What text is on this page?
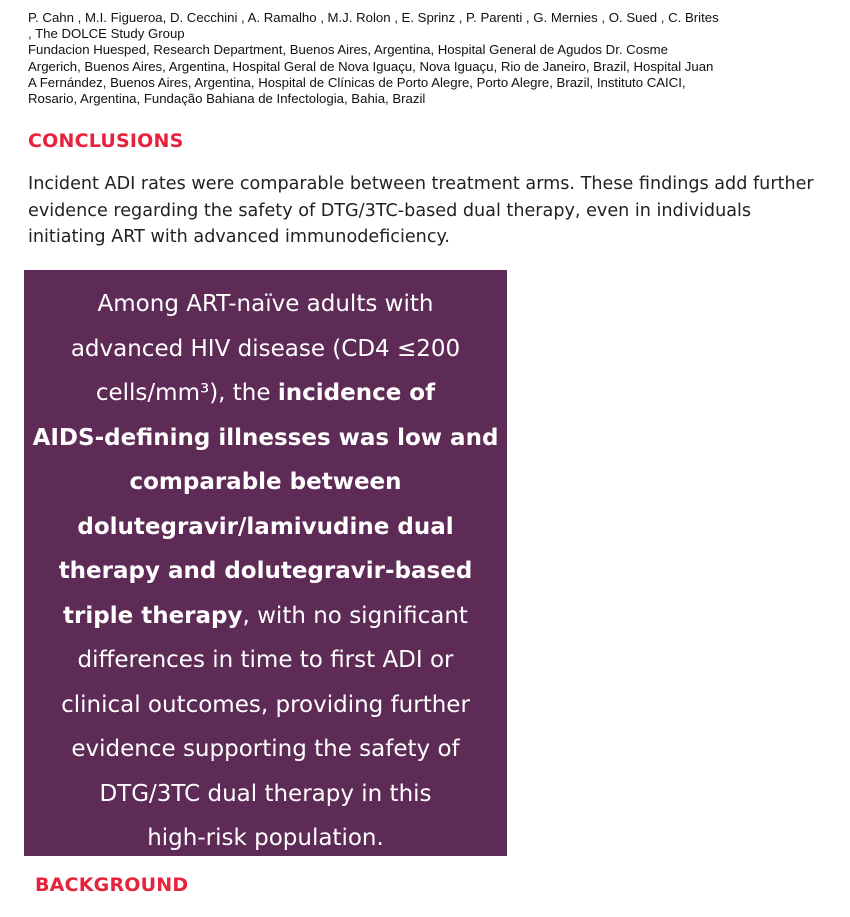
P. Cahn , M.I. Figueroa, D. Cecchini , A. Ramalho , M.J. Rolon , E. Sprinz , P. Parenti , G. Mernies , O. Sued , C. Brites
, The DOLCE Study Group
Fundacion Huesped, Research Department, Buenos Aires, Argentina, Hospital General de Agudos Dr. Cosme
Argerich, Buenos Aires, Argentina, Hospital Geral de Nova Iguaçu, Nova Iguaçu, Rio de Janeiro, Brazil, Hospital Juan
A Fernández, Buenos Aires, Argentina, Hospital de Clínicas de Porto Alegre, Porto Alegre, Brazil, Instituto CAICI,
Rosario, Argentina, Fundação Bahiana de Infectologia, Bahia, Brazil
CONCLUSIONS
Incident ADI rates were comparable between treatment arms. These findings add further
evidence regarding the safety of DTG/3TC-based dual therapy, even in individuals
initiating ART with advanced immunodeficiency.
Among ART-naïve adults with
advanced HIV disease (CD4 ≤200
cells/mm³), the incidence of
AIDS-defining illnesses was low and
comparable between
dolutegravir/lamivudine dual
therapy and dolutegravir-based
triple therapy, with no significant
differences in time to first ADI or
clinical outcomes, providing further
evidence supporting the safety of
DTG/3TC dual therapy in this
high-risk population.
BACKGROUND
